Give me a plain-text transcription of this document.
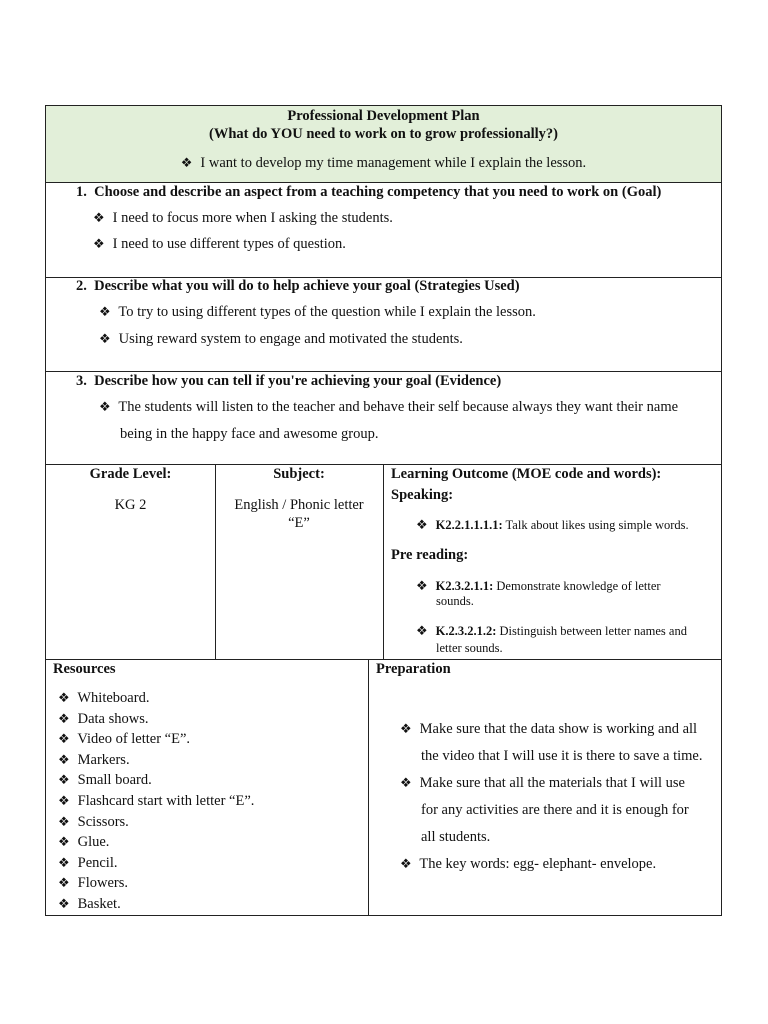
Professional Development Plan
(What do YOU need to work on to grow professionally?)
❖ I want to develop my time management while I explain the lesson.
1.  Choose and describe an aspect from a teaching competency that you need to work on (Goal)
❖ I need to focus more when I asking the students.
❖ I need to use different types of question.
2.  Describe what you will do to help achieve your goal (Strategies Used)
❖ To try to using different types of the question while I explain the lesson.
❖ Using reward system to engage and motivated the students.
3.  Describe how you can tell if you're achieving your goal (Evidence)
❖ The students will listen to the teacher and behave their self because always they want their name
being in the happy face and awesome group.
Grade Level:
KG 2
Subject:
English / Phonic letter
“E”
Learning Outcome (MOE code and words):
Speaking:
❖ K2.2.1.1.1.1: Talk about likes using simple words.
Pre reading:
❖ K2.3.2.1.1: Demonstrate knowledge of letter
sounds.
❖ K.2.3.2.1.2: Distinguish between letter names and
letter sounds.
Resources
❖ Whiteboard.
❖ Data shows.
❖ Video of letter “E”.
❖ Markers.
❖ Small board.
❖ Flashcard start with letter “E”.
❖ Scissors.
❖ Glue.
❖ Pencil.
❖ Flowers.
❖ Basket.
Preparation
❖ Make sure that the data show is working and all
the video that I will use it is there to save a time.
❖ Make sure that all the materials that I will use
for any activities are there and it is enough for
all students.
❖ The key words: egg- elephant- envelope.
